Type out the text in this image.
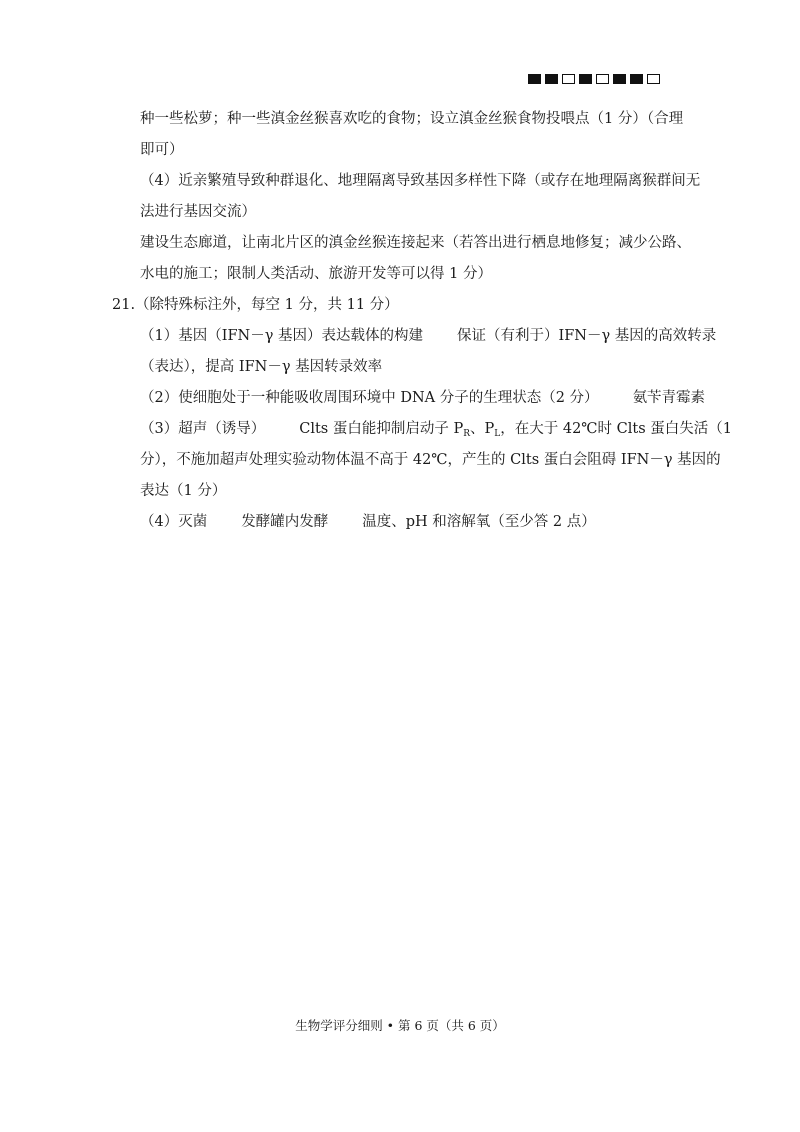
种一些松萝；种一些滇金丝猴喜欢吃的食物；设立滇金丝猴食物投喂点（1 分）（合理
即可）
（4）近亲繁殖导致种群退化、地理隔离导致基因多样性下降（或存在地理隔离猴群间无
法进行基因交流）
建设生态廊道，让南北片区的滇金丝猴连接起来（若答出进行栖息地修复；减少公路、
水电的施工；限制人类活动、旅游开发等可以得 1 分）
21.（除特殊标注外，每空 1 分，共 11 分）
（1）基因（IFN－γ 基因）表达载体的构建 保证（有利于）IFN－γ 基因的高效转录
（表达），提高 IFN－γ 基因转录效率
（2）使细胞处于一种能吸收周围环境中 DNA 分子的生理状态（2 分） 氨苄青霉素
（3）超声（诱导） Clts 蛋白能抑制启动子 $P_R$、$P_L$，在大于 42℃时 Clts 蛋白失活（1
分），不施加超声处理实验动物体温不高于 42℃，产生的 Clts 蛋白会阻碍 IFN－γ 基因的
表达（1 分）
（4）灭菌 发酵罐内发酵 温度、pH 和溶解氧（至少答 2 点）
生物学评分细则 • 第 6 页（共 6 页）
